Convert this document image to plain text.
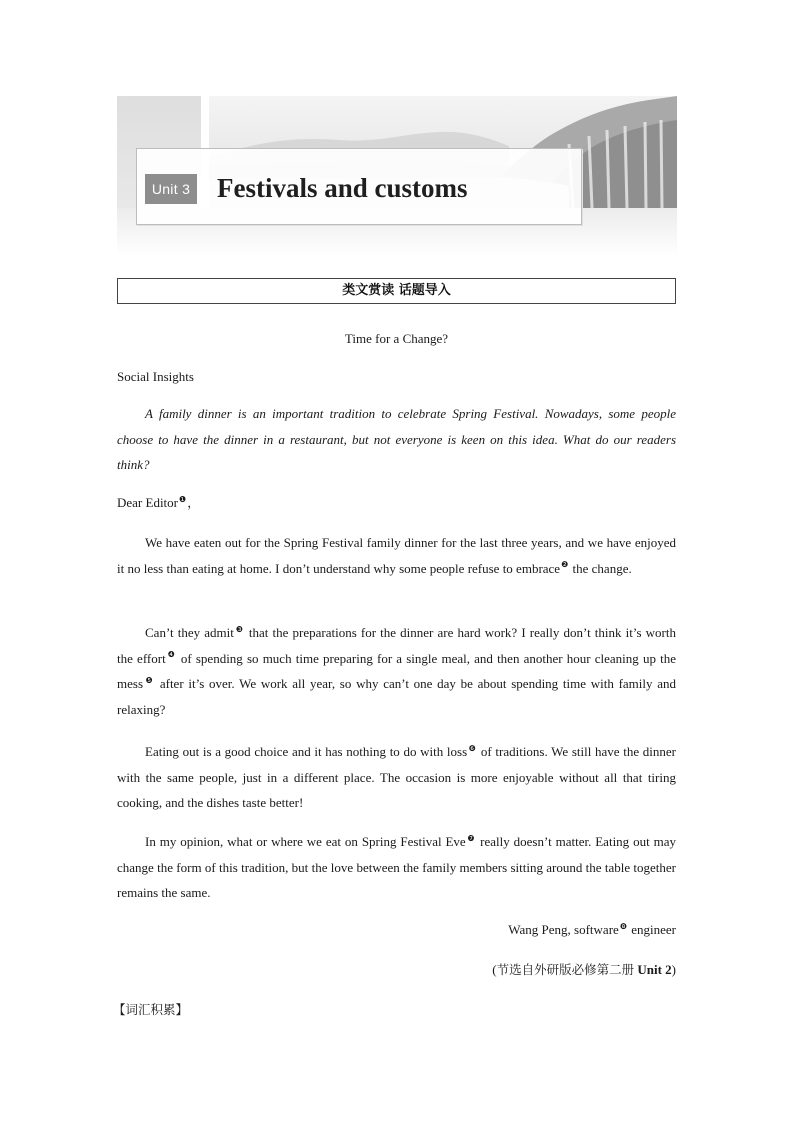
Unit 3 Festivals and customs
类文赏读 话题导入
Time for a Change?
Social Insights
A family dinner is an important tradition to celebrate Spring Festival. Nowadays, some people choose to have the dinner in a restaurant, but not everyone is keen on this idea. What do our readers think?
Dear Editor$^❶$，
We have eaten out for the Spring Festival family dinner for the last three years, and we have enjoyed it no less than eating at home. I don’t understand why some people refuse to embrace$^❷$ the change.
Can’t they admit$^❸$ that the preparations for the dinner are hard work? I really don’t think it’s worth the effort$^❹$ of spending so much time preparing for a single meal, and then another hour cleaning up the mess$^❺$ after it’s over. We work all year, so why can’t one day be about spending time with family and relaxing?
Eating out is a good choice and it has nothing to do with loss$^❻$ of traditions. We still have the dinner with the same people, just in a different place. The occasion is more enjoyable without all that tiring cooking, and the dishes taste better!
In my opinion, what or where we eat on Spring Festival Eve$^❼$ really doesn’t matter. Eating out may change the form of this tradition, but the love between the family members sitting around the table together remains the same.
Wang Peng, software$^❽$ engineer
(节选自外研版必修第二册 Unit 2)
【词汇积累】
